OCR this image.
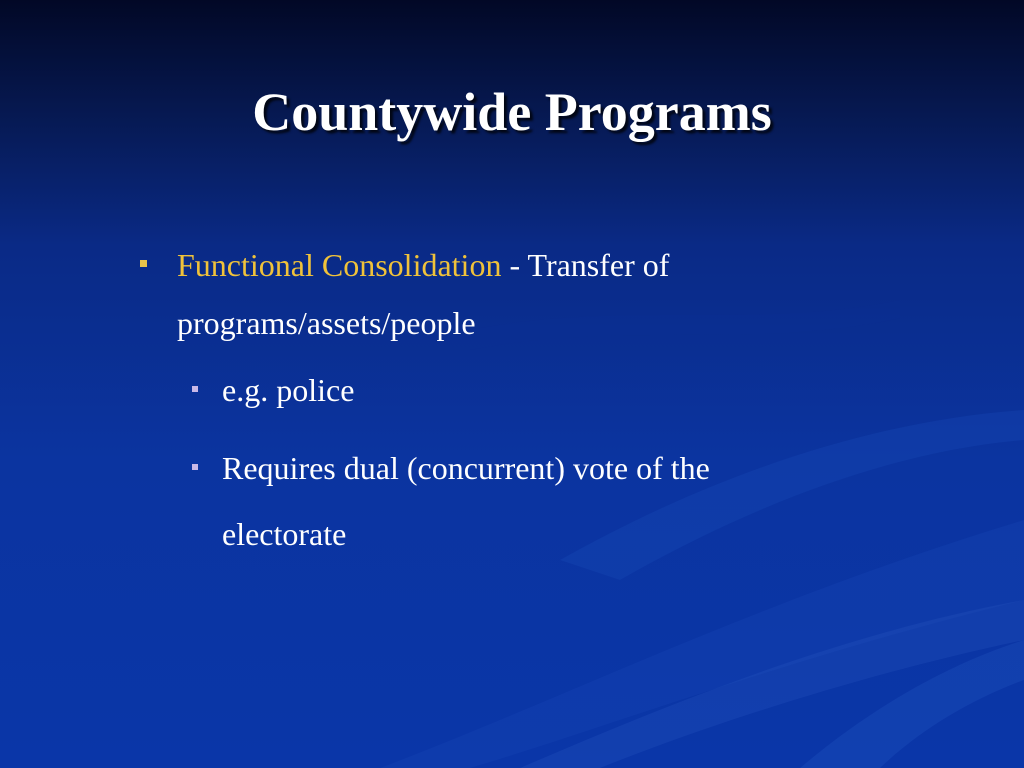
Countywide Programs
Functional Consolidation - Transfer of programs/assets/people
e.g. police
Requires dual (concurrent) vote of the electorate
